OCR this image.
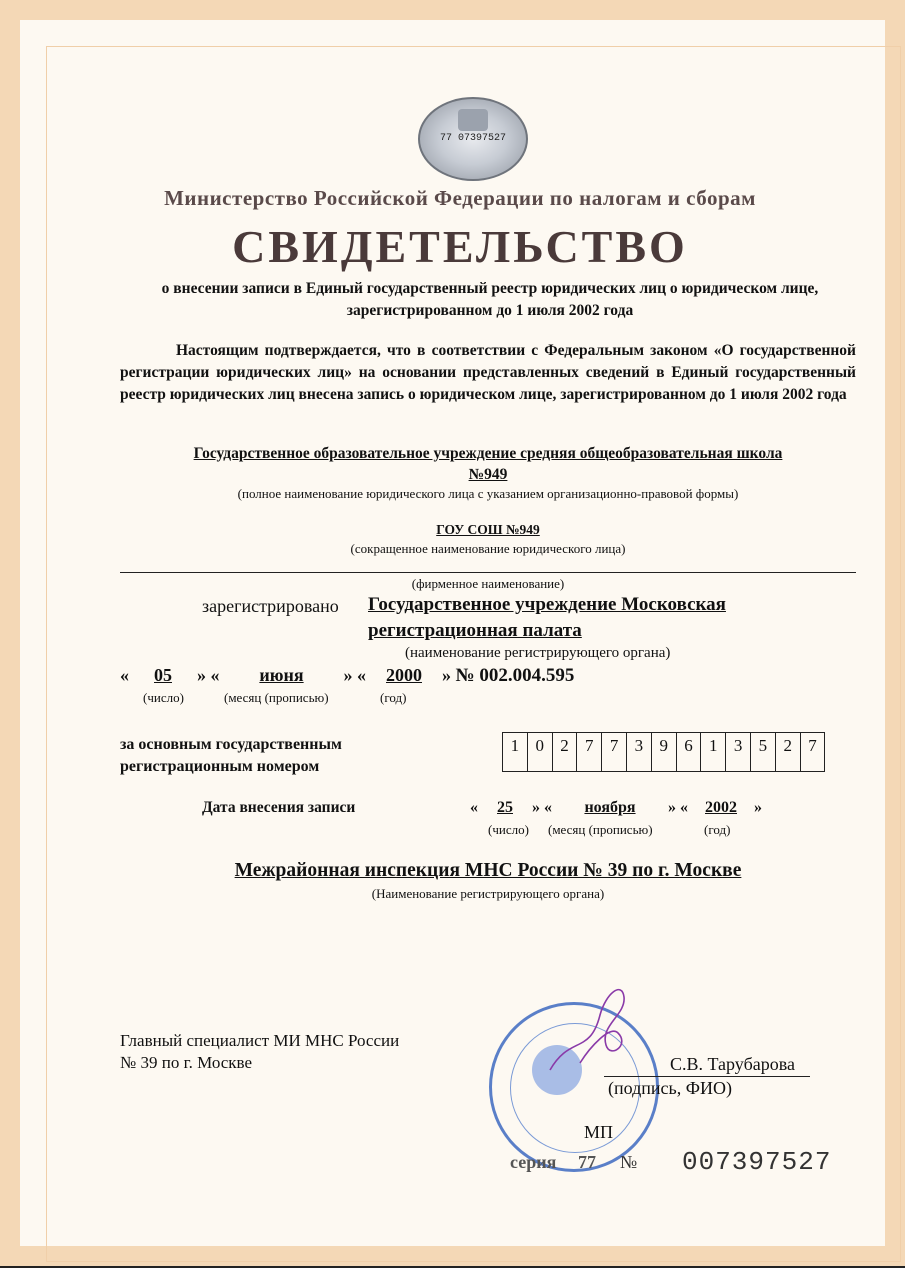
77 07397527
Министерство Российской Федерации по налогам и сборам
СВИДЕТЕЛЬСТВО
о внесении записи в Единый государственный реестр юридических лиц о юридическом лице, зарегистрированном до 1 июля 2002 года
Настоящим подтверждается, что в соответствии с Федеральным законом «О государственной регистрации юридических лиц» на основании представленных сведений в Единый государственный реестр юридических лиц внесена запись о юридическом лице, зарегистрированном до 1 июля 2002 года
Государственное образовательное учреждение средняя общеобразовательная школа
№949
(полное наименование юридического лица с указанием организационно-правовой формы)
ГОУ СОШ №949
(сокращенное наименование юридического лица)
(фирменное наименование)
зарегистрировано Государственное учреждение Московская
регистрационная палата
(наименование регистрирующего органа)
« 05 » « июня » « 2000 » № 002.004.595
(число)	(месяц (прописью)	(год)
за основным государственным
регистрационным номером
1 0 2 7 7 3 9 6 1 3 5 2 7
Дата внесения записи	« 25 » « ноября » « 2002 »
(число) (месяц (прописью)	(год)
Межрайонная инспекция МНС России № 39 по г. Москве
(Наименование регистрирующего органа)
Главный специалист МИ МНС России
№ 39 по г. Москве	С.В. Тарубарова
(подпись, ФИО)
МП
серия 77 № 007397527
